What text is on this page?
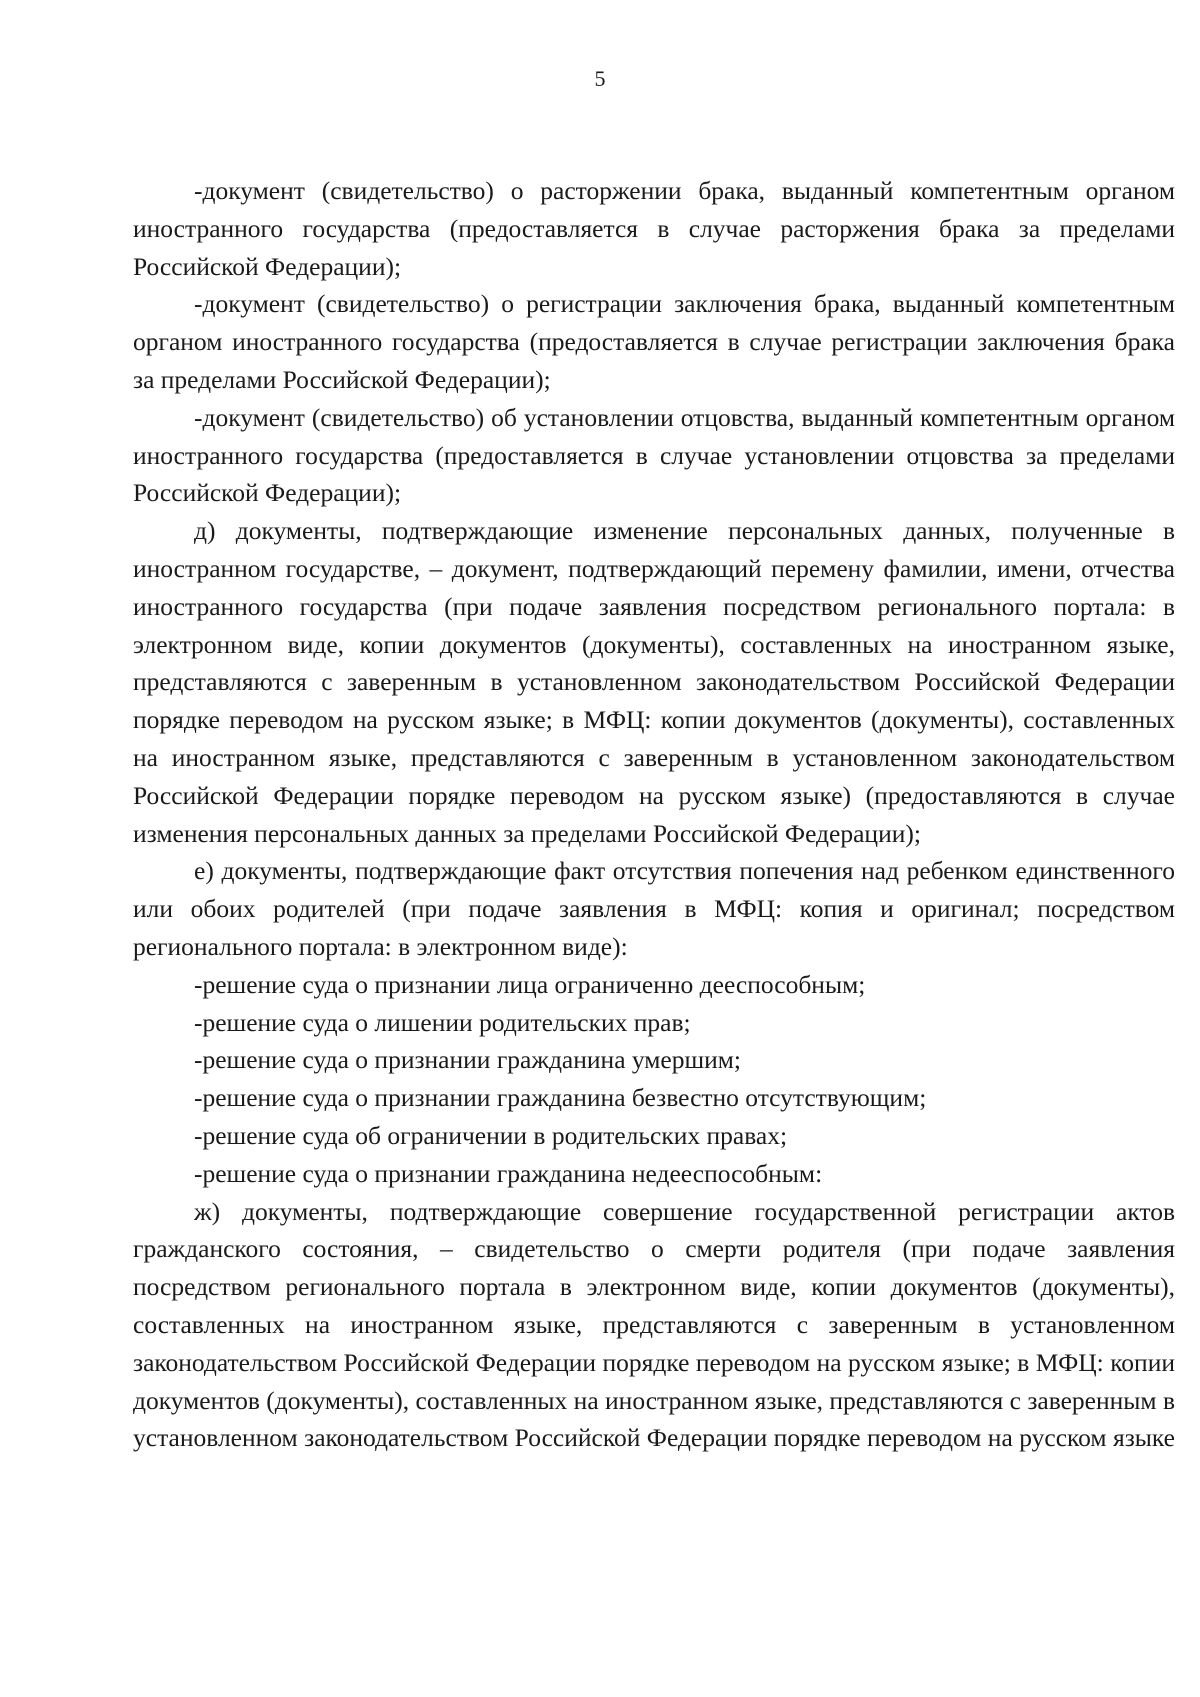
5

-документ (свидетельство) о расторжении брака, выданный компетентным органом иностранного государства (предоставляется в случае расторжения брака за пределами Российской Федерации);

-документ (свидетельство) о регистрации заключения брака, выданный компетентным органом иностранного государства (предоставляется в случае регистрации заключения брака за пределами Российской Федерации);

-документ (свидетельство) об установлении отцовства, выданный компетентным органом иностранного государства (предоставляется в случае установлении отцовства за пределами Российской Федерации);

д) документы, подтверждающие изменение персональных данных, полученные в иностранном государстве, – документ, подтверждающий перемену фамилии, имени, отчества иностранного государства (при подаче заявления посредством регионального портала: в электронном виде, копии документов (документы), составленных на иностранном языке, представляются с заверенным в установленном законодательством Российской Федерации порядке переводом на русском языке; в МФЦ: копии документов (документы), составленных на иностранном языке, представляются с заверенным в установленном законодательством Российской Федерации порядке переводом на русском языке) (предоставляются в случае изменения персональных данных за пределами Российской Федерации);

е) документы, подтверждающие факт отсутствия попечения над ребенком единственного или обоих родителей (при подаче заявления в МФЦ: копия и оригинал; посредством регионального портала: в электронном виде):

-решение суда о признании лица ограниченно дееспособным;

-решение суда о лишении родительских прав;

-решение суда о признании гражданина умершим;

-решение суда о признании гражданина безвестно отсутствующим;

-решение суда об ограничении в родительских правах;

-решение суда о признании гражданина недееспособным:

ж) документы, подтверждающие совершение государственной регистрации актов гражданского состояния, – свидетельство о смерти родителя (при подаче заявления посредством регионального портала в электронном виде, копии документов (документы), составленных на иностранном языке, представляются с заверенным в установленном законодательством Российской Федерации порядке переводом на русском языке; в МФЦ: копии документов (документы), составленных на иностранном языке, представляются с заверенным в установленном законодательством Российской Федерации порядке переводом на русском языке
